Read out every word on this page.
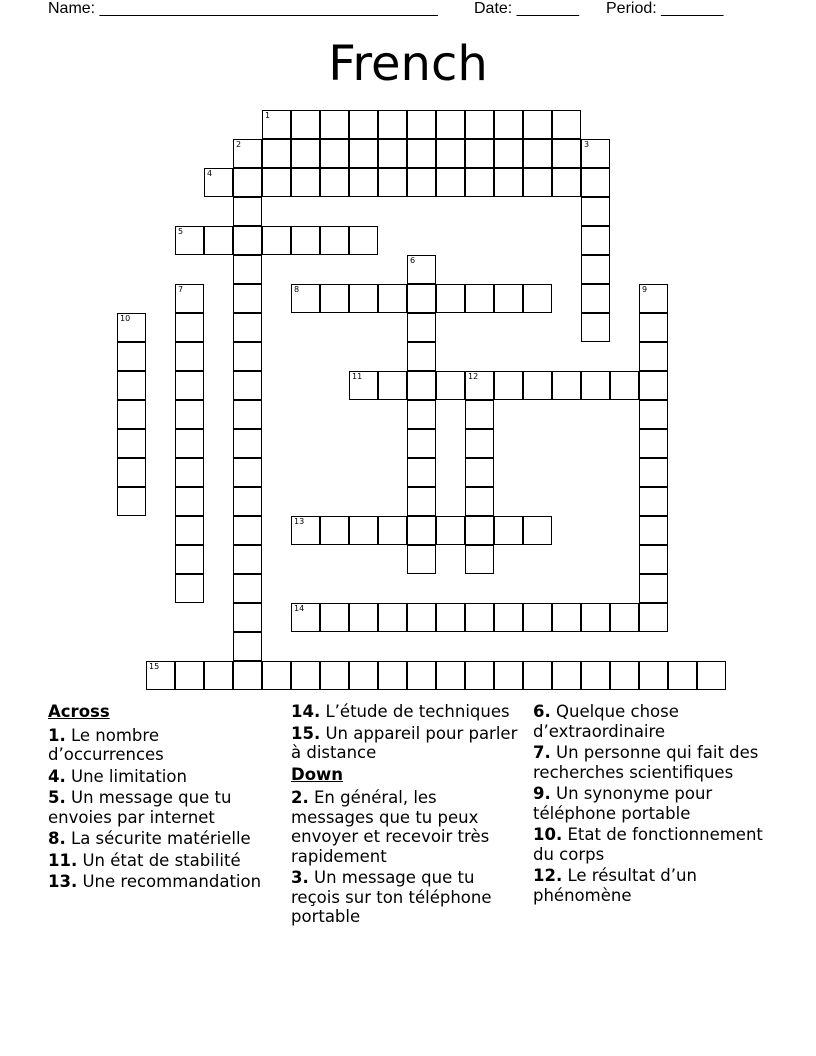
Name: ______________________________________ Date: _______ Period: _______
French
1
2	3
4
5
6
7	8	9
10
11	12
13
14
15
Across
1. Le nombre d’occurrences
4. Une limitation
5. Un message que tu envoies par internet
8. La sécurite matérielle
11. Un état de stabilité
13. Une recommandation
14. L’étude de techniques
15. Un appareil pour parler à distance
Down
2. En général, les messages que tu peux envoyer et recevoir très rapidement
3. Un message que tu reçois sur ton téléphone portable
6. Quelque chose d’extraordinaire
7. Un personne qui fait des recherches scientifiques
9. Un synonyme pour téléphone portable
10. Etat de fonctionnement du corps
12. Le résultat d’un phénomène
